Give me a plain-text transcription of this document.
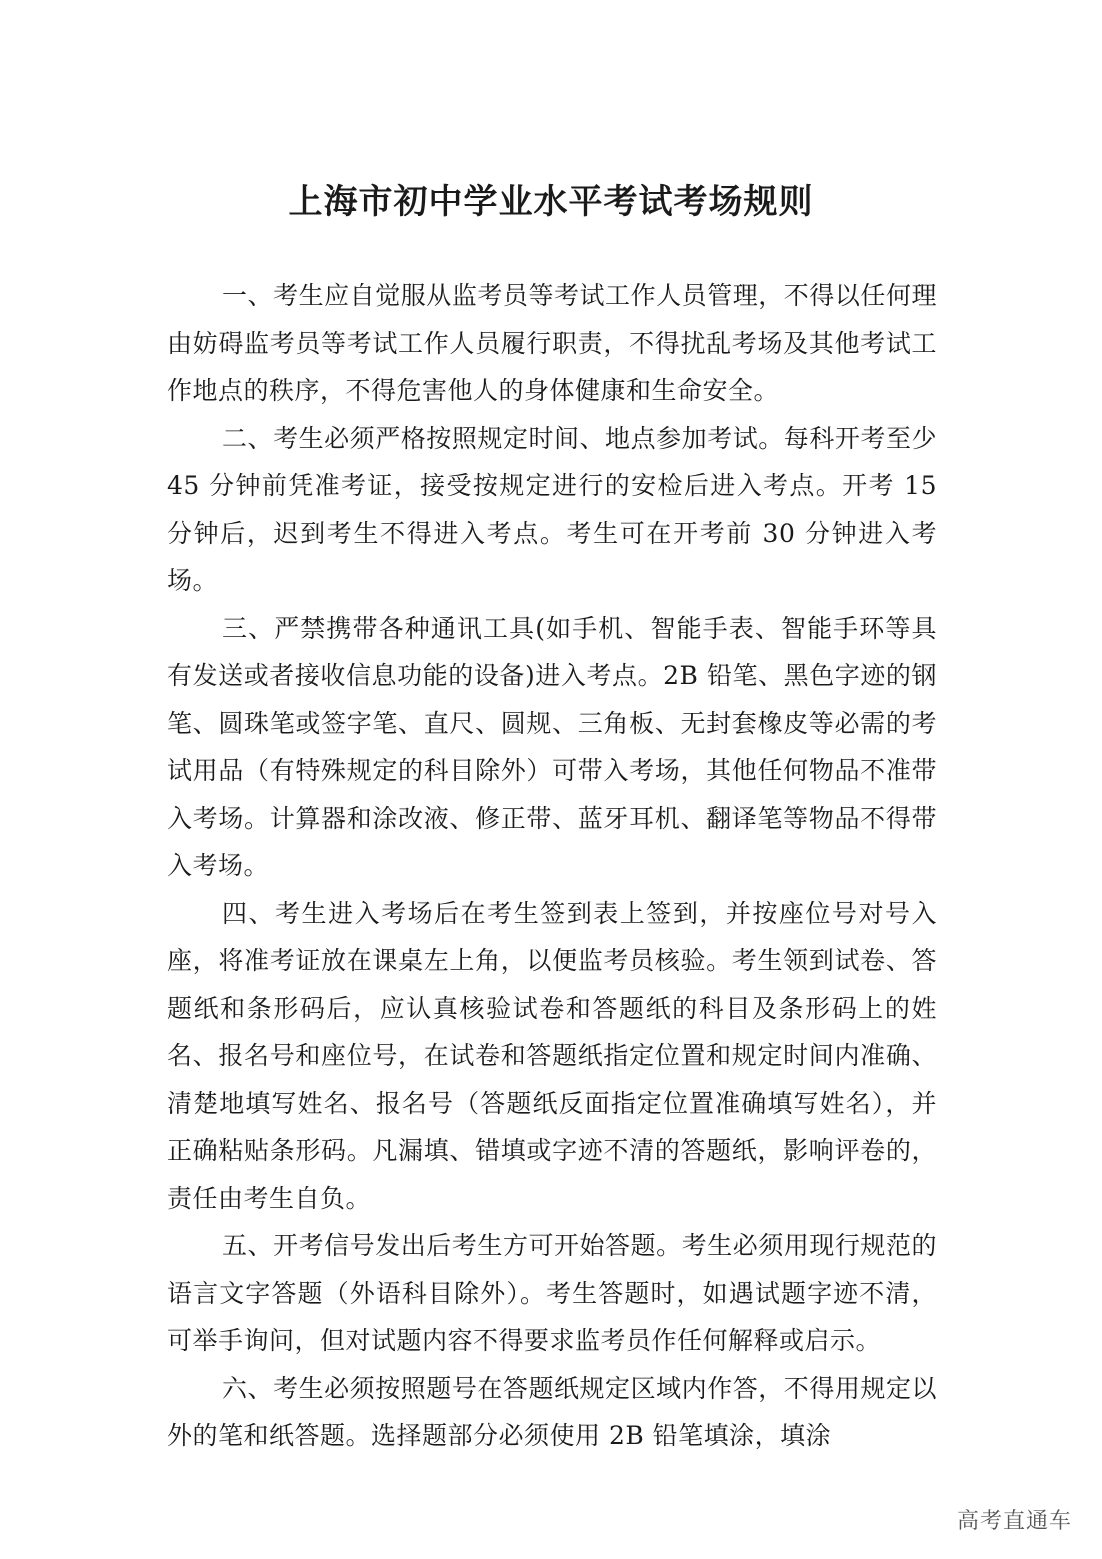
上海市初中学业水平考试考场规则

一、考生应自觉服从监考员等考试工作人员管理，不得以任何理由妨碍监考员等考试工作人员履行职责，不得扰乱考场及其他考试工作地点的秩序，不得危害他人的身体健康和生命安全。

二、考生必须严格按照规定时间、地点参加考试。每科开考至少 45 分钟前凭准考证，接受按规定进行的安检后进入考点。开考 15 分钟后，迟到考生不得进入考点。考生可在开考前 30 分钟进入考场。

三、严禁携带各种通讯工具(如手机、智能手表、智能手环等具有发送或者接收信息功能的设备)进入考点。2B 铅笔、黑色字迹的钢笔、圆珠笔或签字笔、直尺、圆规、三角板、无封套橡皮等必需的考试用品（有特殊规定的科目除外）可带入考场，其他任何物品不准带入考场。计算器和涂改液、修正带、蓝牙耳机、翻译笔等物品不得带入考场。

四、考生进入考场后在考生签到表上签到，并按座位号对号入座，将准考证放在课桌左上角，以便监考员核验。考生领到试卷、答题纸和条形码后，应认真核验试卷和答题纸的科目及条形码上的姓名、报名号和座位号，在试卷和答题纸指定位置和规定时间内准确、清楚地填写姓名、报名号（答题纸反面指定位置准确填写姓名），并正确粘贴条形码。凡漏填、错填或字迹不清的答题纸，影响评卷的，责任由考生自负。

五、开考信号发出后考生方可开始答题。考生必须用现行规范的语言文字答题（外语科目除外）。考生答题时，如遇试题字迹不清，可举手询问，但对试题内容不得要求监考员作任何解释或启示。

六、考生必须按照题号在答题纸规定区域内作答，不得用规定以外的笔和纸答题。选择题部分必须使用 2B 铅笔填涂，填涂

高考直通车
